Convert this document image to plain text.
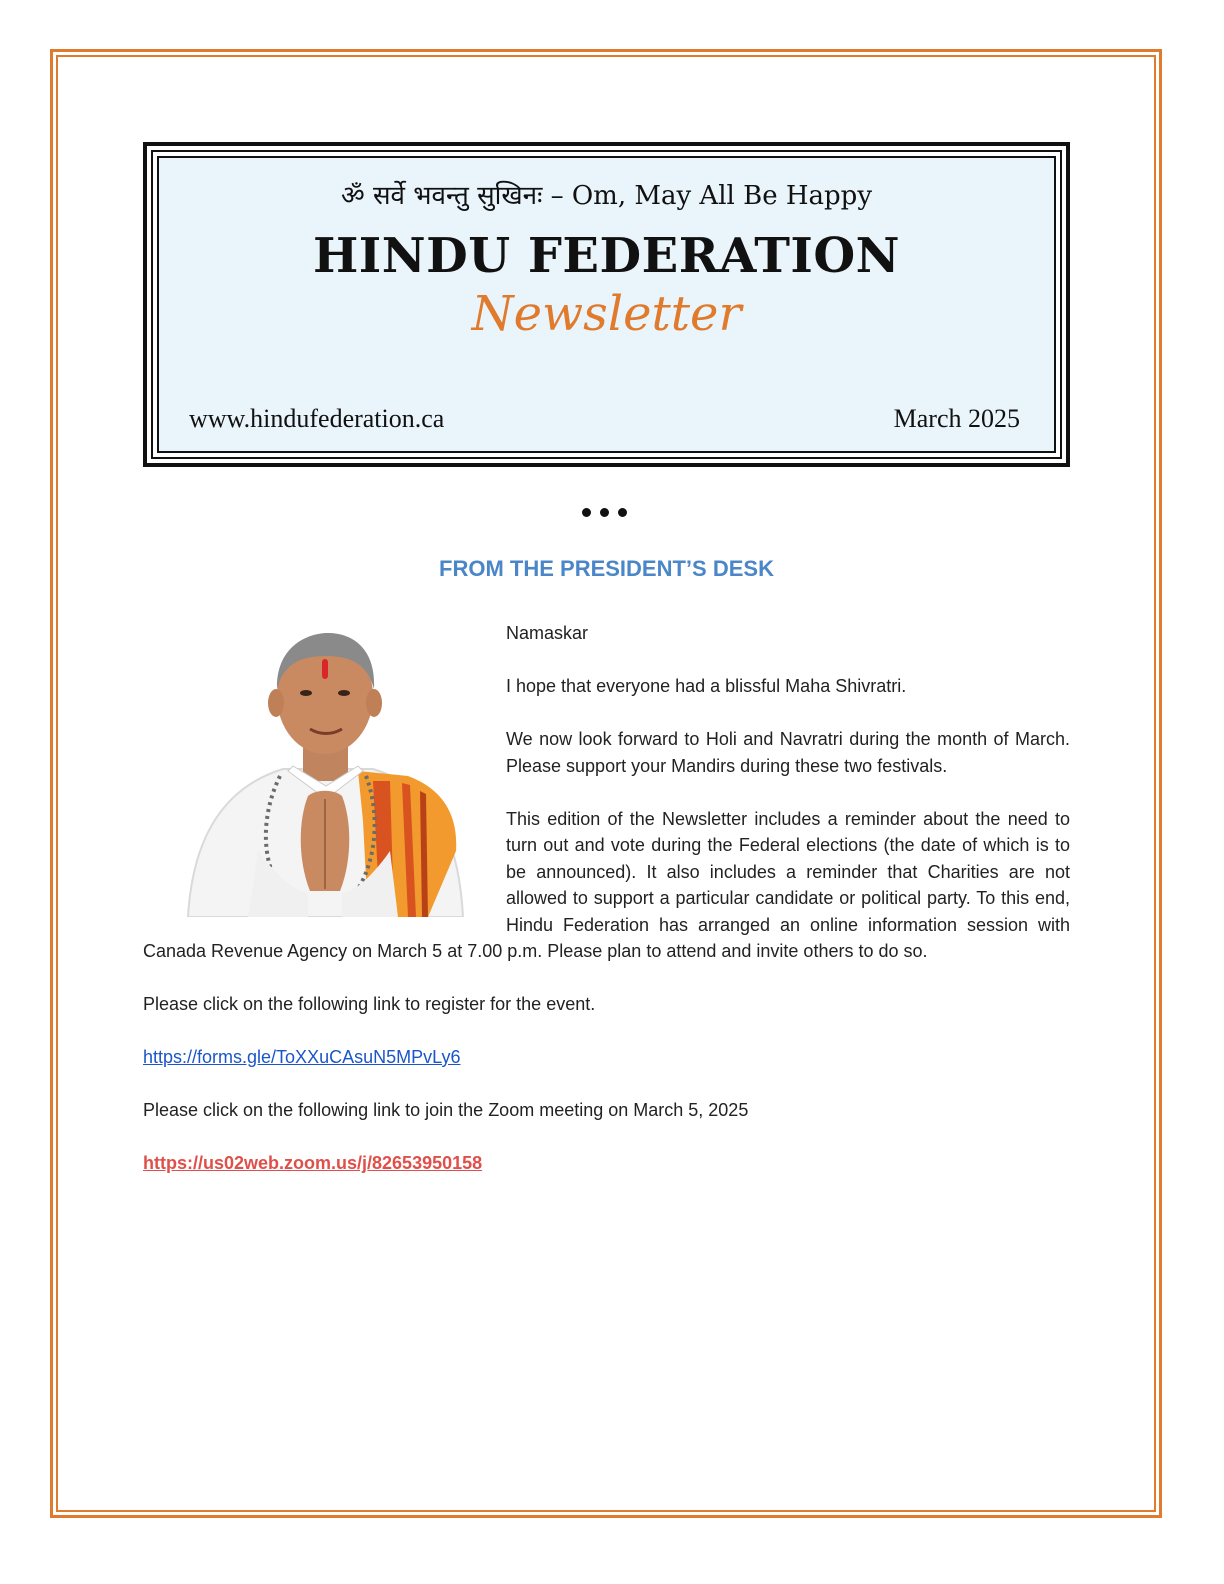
ॐ सर्वे भवन्तु सुखिनः – Om, May All Be Happy
HINDU FEDERATION
Newsletter
www.hindufederation.ca	March 2025
FROM THE PRESIDENT’S DESK

Namaskar

I hope that everyone had a blissful Maha Shivratri.

We now look forward to Holi and Navratri during the month of March. Please support your Mandirs during these two festivals.

This edition of the Newsletter includes a reminder about the need to turn out and vote during the Federal elections (the date of which is to be announced). It also includes a reminder that Charities are not allowed to support a particular candidate or political party. To this end, Hindu Federation has arranged an online information session with Canada Revenue Agency on March 5 at 7.00 p.m. Please plan to attend and invite others to do so.

Please click on the following link to register for the event.

https://forms.gle/ToXXuCAsuN5MPvLy6

Please click on the following link to join the Zoom meeting on March 5, 2025

https://us02web.zoom.us/j/82653950158
